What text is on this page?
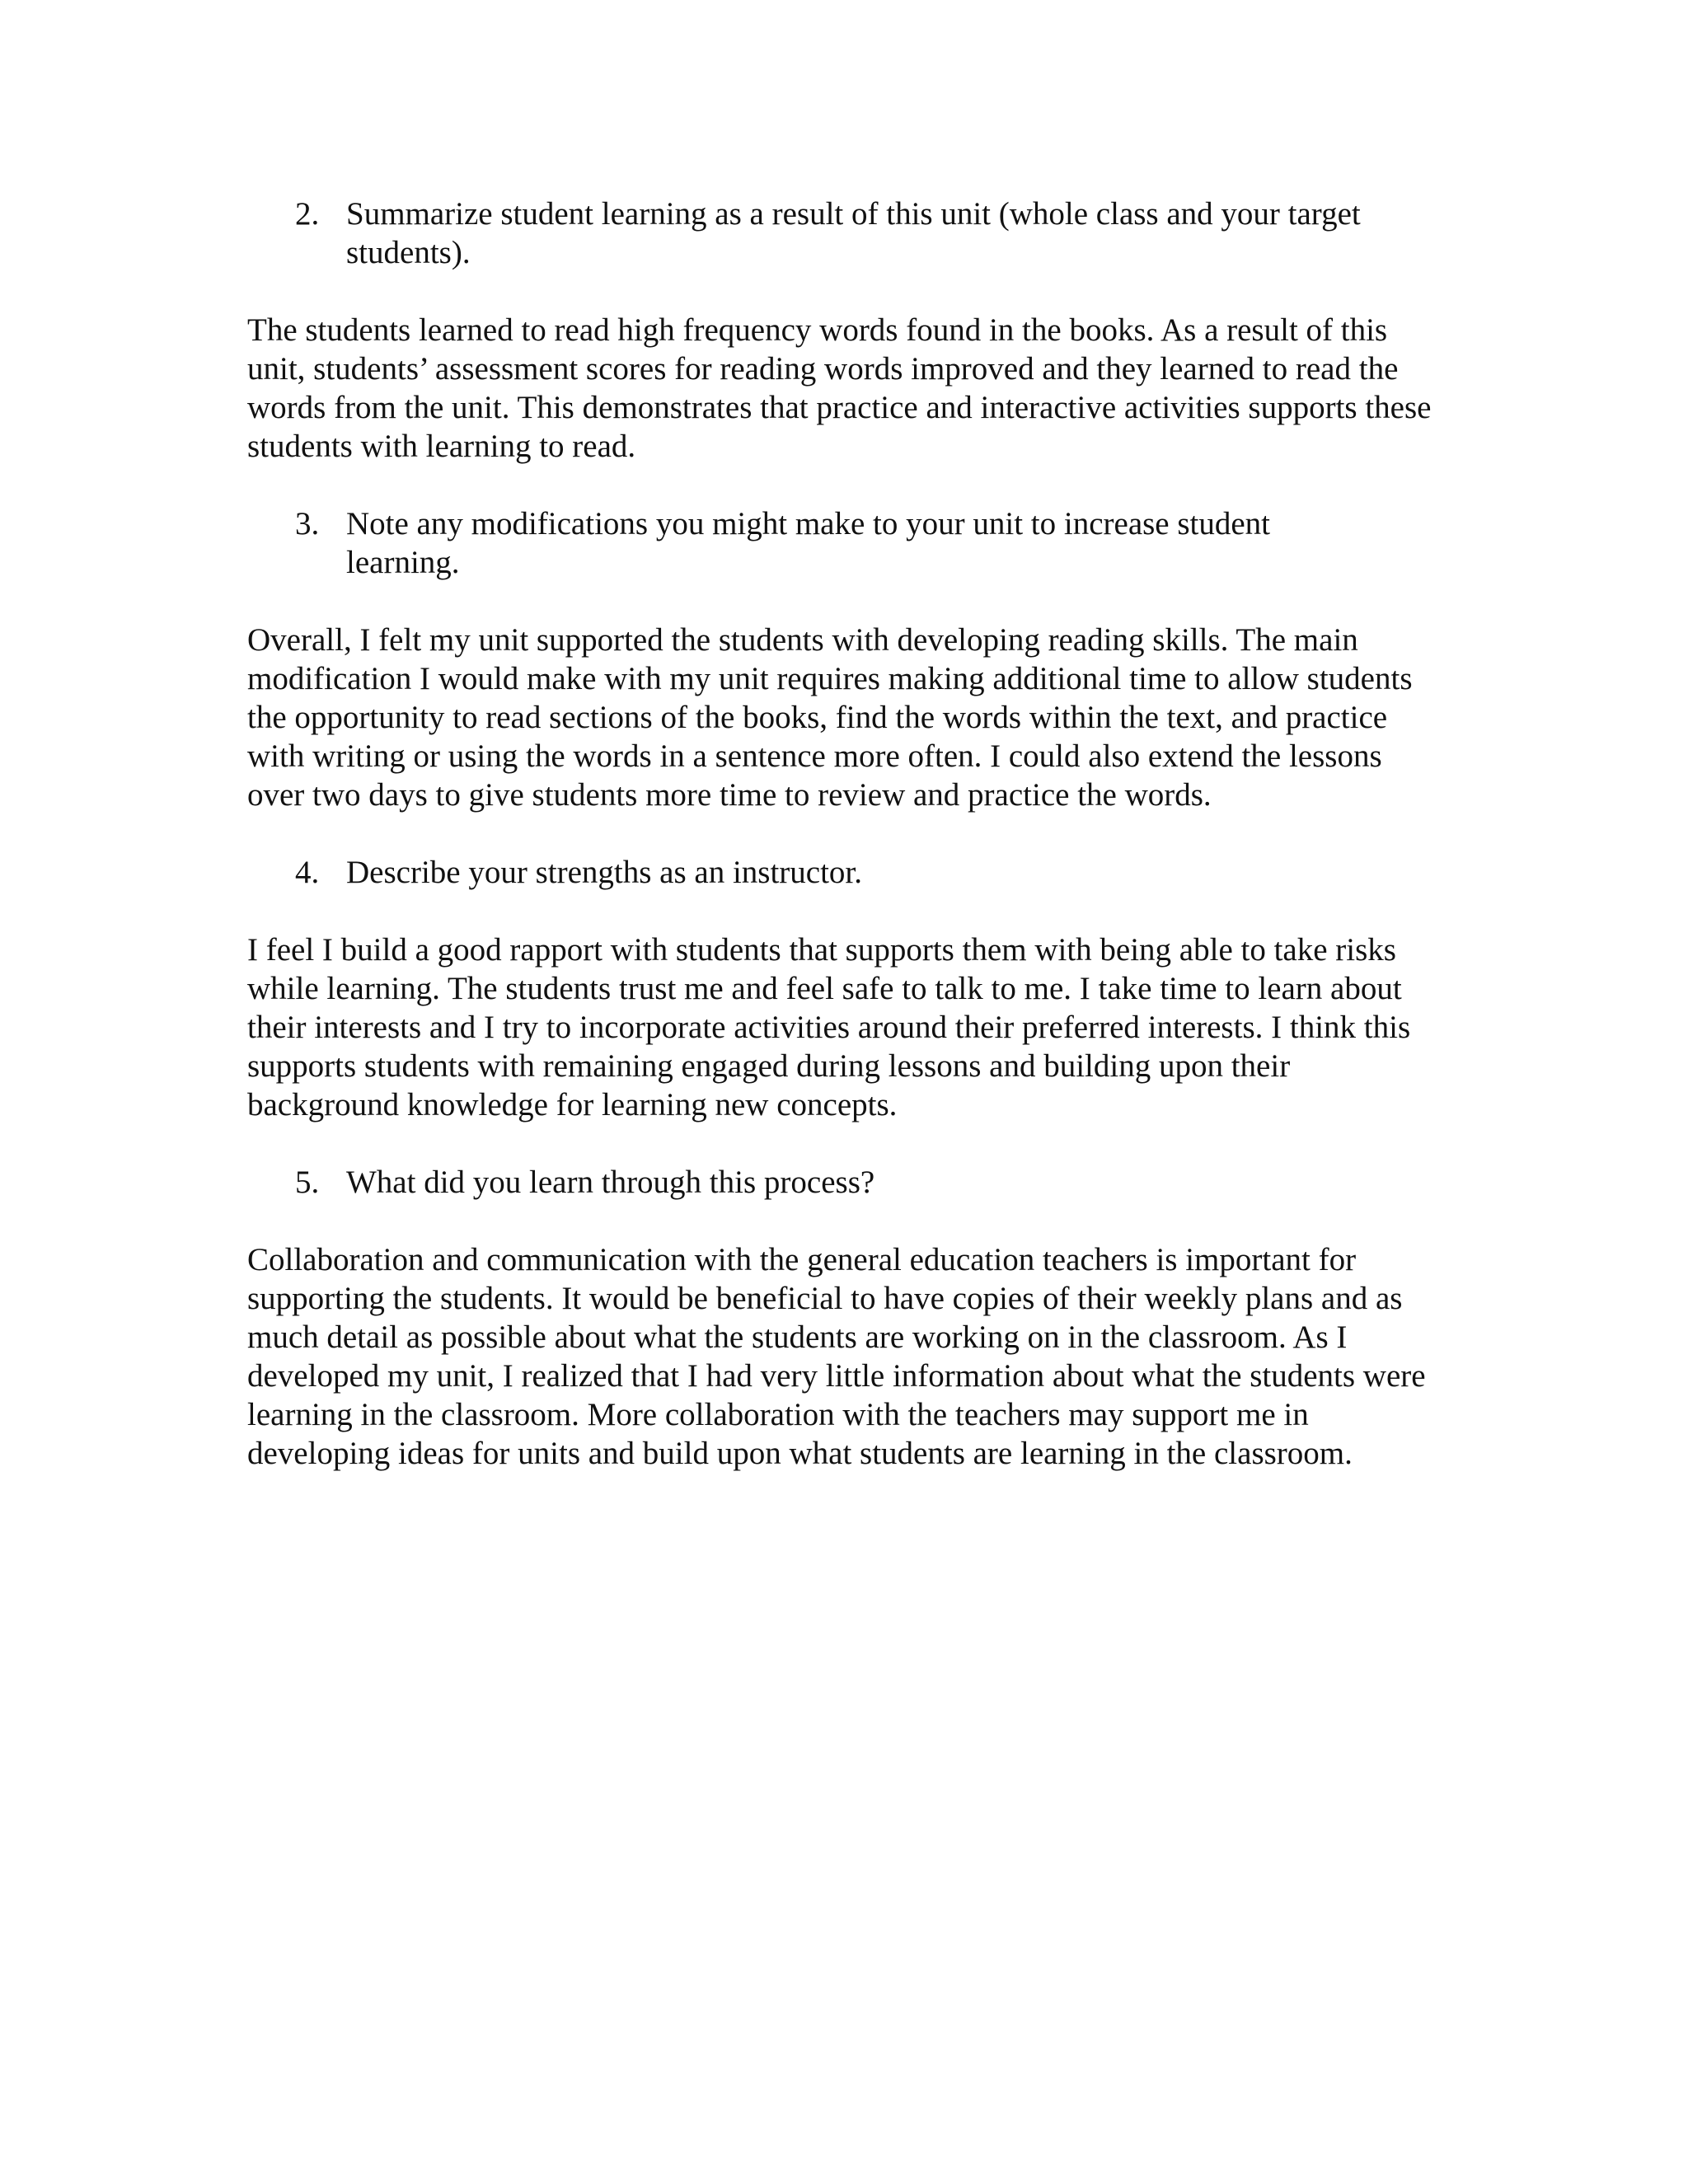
2. Summarize student learning as a result of this unit (whole class and your target students).

The students learned to read high frequency words found in the books. As a result of this unit, students’ assessment scores for reading words improved and they learned to read the words from the unit. This demonstrates that practice and interactive activities supports these students with learning to read.

3. Note any modifications you might make to your unit to increase student learning.

Overall, I felt my unit supported the students with developing reading skills. The main modification I would make with my unit requires making additional time to allow students the opportunity to read sections of the books, find the words within the text, and practice with writing or using the words in a sentence more often. I could also extend the lessons over two days to give students more time to review and practice the words.

4. Describe your strengths as an instructor.

I feel I build a good rapport with students that supports them with being able to take risks while learning. The students trust me and feel safe to talk to me. I take time to learn about their interests and I try to incorporate activities around their preferred interests. I think this supports students with remaining engaged during lessons and building upon their background knowledge for learning new concepts.

5. What did you learn through this process?

Collaboration and communication with the general education teachers is important for supporting the students. It would be beneficial to have copies of their weekly plans and as much detail as possible about what the students are working on in the classroom. As I developed my unit, I realized that I had very little information about what the students were learning in the classroom. More collaboration with the teachers may support me in developing ideas for units and build upon what students are learning in the classroom.
